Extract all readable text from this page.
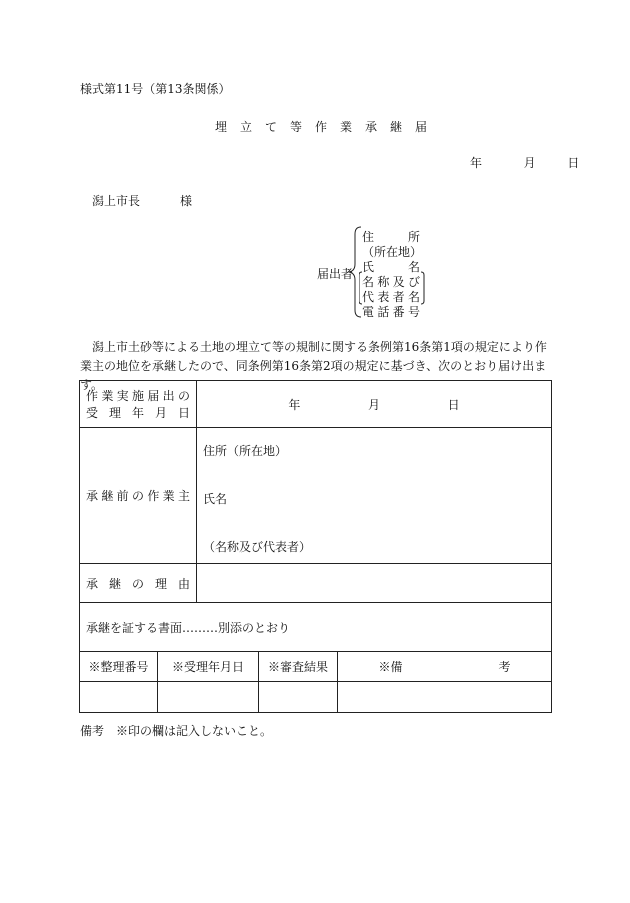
様式第11号（第13条関係）
埋立て等作業承継届
年	月	日
潟上市長	様
届出者
住所
（所在地）
氏名
名称及び
代表者名
電話番号
潟上市土砂等による土地の埋立て等の規制に関する条例第16条第1項の規定により作業主の地位を承継したので、同条例第16条第2項の規定に基づき、次のとおり届け出ます。
作業実施届出の
受理年月日	年 月 日

承継前の作業主	住所（所在地）
氏名
（名称及び代表者）

承継の理由	

承継を証する書面………別添のとおり	
※整理番号	※受理年月日	※審査結果	※備 考

備考　※印の欄は記入しないこと。
